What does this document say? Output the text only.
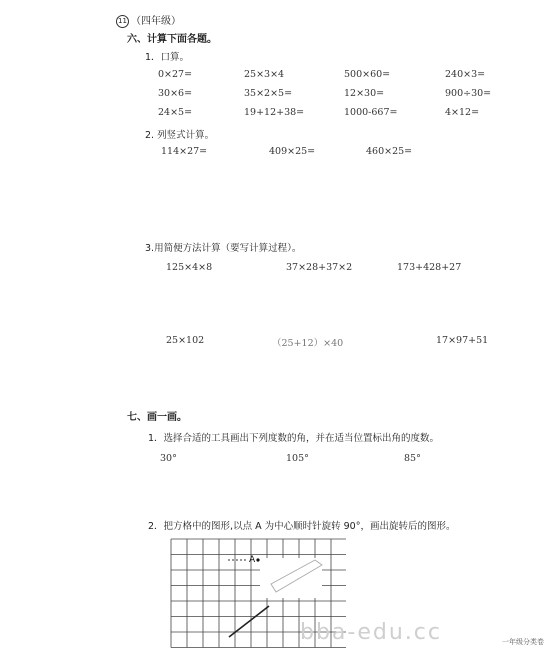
11 （四年级）
六、计算下面各题。
1．口算。
0×27=	25×3×4	500×60=	240×3=
30×6=	35×2×5=	12×30=	900÷30=
24×5=	19+12+38=	1000-667=	4×12=
2. 列竖式计算。
114×27=	409×25=	460×25=
3.用简便方法计算（要写计算过程）。
125×4×8	37×28+37×2	173+428+27
25×102	（25+12）×40	17×97+51
七、画一画。
1．选择合适的工具画出下列度数的角，并在适当位置标出角的度数。
30°	105°	85°
2．把方格中的图形,以点 A 为中心顺时针旋转 90°，画出旋转后的图形。
A
bba-edu.cc	一年级分类卷
